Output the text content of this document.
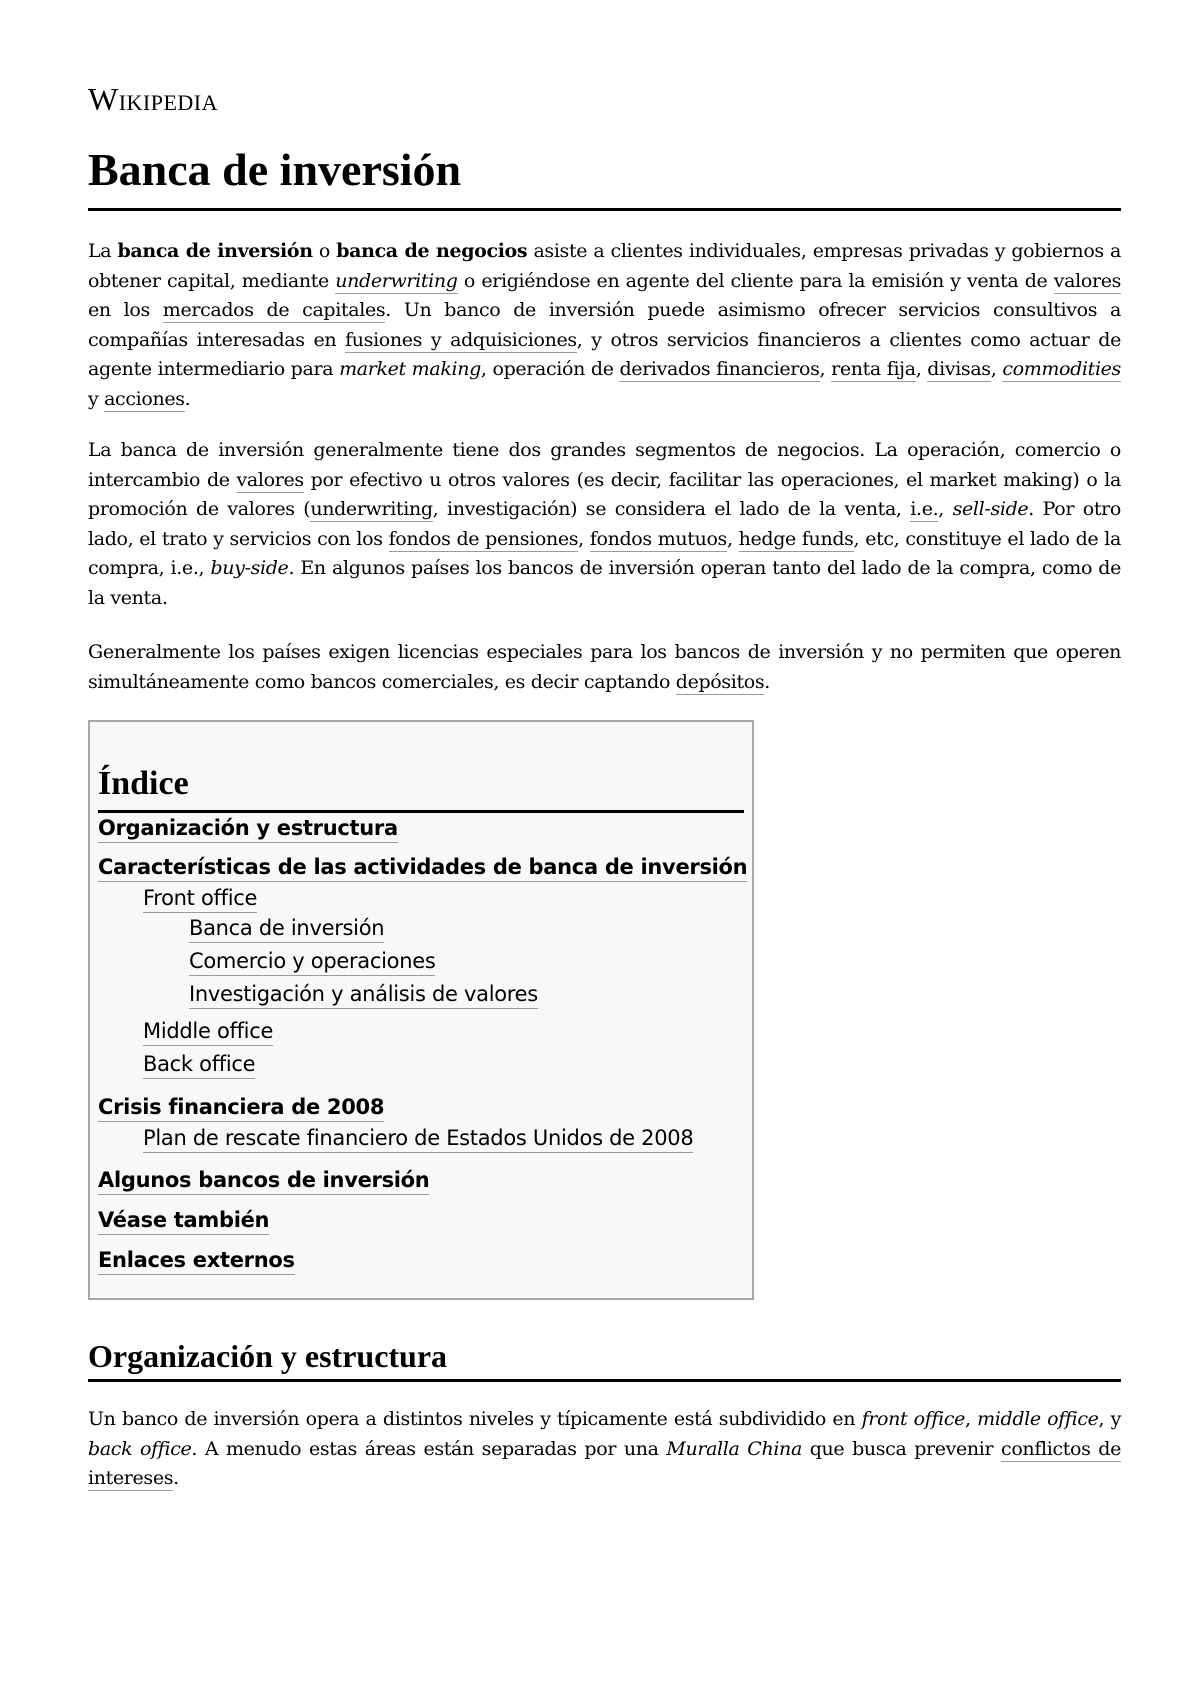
Wikipedia
Banca de inversión

La banca de inversión o banca de negocios asiste a clientes individuales, empresas privadas y gobiernos a obtener capital, mediante underwriting o erigiéndose en agente del cliente para la emisión y venta de valores en los mercados de capitales. Un banco de inversión puede asimismo ofrecer servicios consultivos a compañías interesadas en fusiones y adquisiciones, y otros servicios financieros a clientes como actuar de agente intermediario para market making, operación de derivados financieros, renta fija, divisas, commodities y acciones.

La banca de inversión generalmente tiene dos grandes segmentos de negocios. La operación, comercio o intercambio de valores por efectivo u otros valores (es decir, facilitar las operaciones, el market making) o la promoción de valores (underwriting, investigación) se considera el lado de la venta, i.e., sell-side. Por otro lado, el trato y servicios con los fondos de pensiones, fondos mutuos, hedge funds, etc, constituye el lado de la compra, i.e., buy-side. En algunos países los bancos de inversión operan tanto del lado de la compra, como de la venta.

Generalmente los países exigen licencias especiales para los bancos de inversión y no permiten que operen simultáneamente como bancos comerciales, es decir captando depósitos.

Índice
Organización y estructura
Características de las actividades de banca de inversión
Front office
Banca de inversión
Comercio y operaciones
Investigación y análisis de valores
Middle office
Back office
Crisis financiera de 2008
Plan de rescate financiero de Estados Unidos de 2008
Algunos bancos de inversión
Véase también
Enlaces externos
Organización y estructura

Un banco de inversión opera a distintos niveles y típicamente está subdividido en front office, middle office, y back office. A menudo estas áreas están separadas por una Muralla China que busca prevenir conflictos de intereses.
